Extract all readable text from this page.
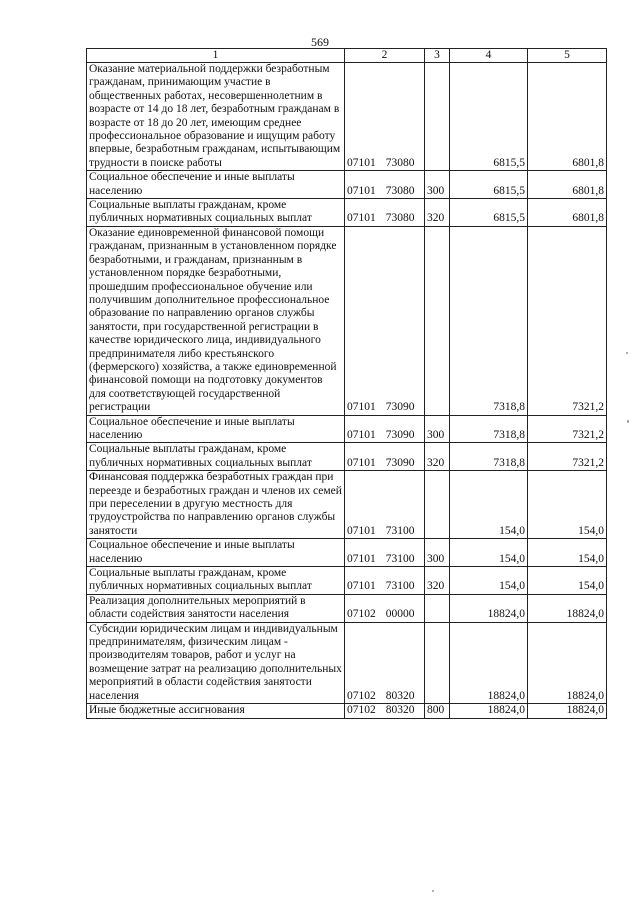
569
1	2	3	4	5
Оказание материальной поддержки безработным гражданам, принимающим участие в общественных работах, несовершеннолетним в возрасте от 14 до 18 лет, безработным гражданам в возрасте от 18 до 20 лет, имеющим среднее профессиональное образование и ищущим работу впервые, безработным гражданам, испытывающим трудности в поиске работы	07101 73080		6815,5	6801,8
Социальное обеспечение и иные выплаты населению	07101 73080	300	6815,5	6801,8
Социальные выплаты гражданам, кроме публичных нормативных социальных выплат	07101 73080	320	6815,5	6801,8
Оказание единовременной финансовой помощи гражданам, признанным в установленном порядке безработными, и гражданам, признанным в установленном порядке безработными, прошедшим профессиональное обучение или получившим дополнительное профессиональное образование по направлению органов службы занятости, при государственной регистрации в качестве юридического лица, индивидуального предпринимателя либо крестьянского (фермерского) хозяйства, а также единовременной финансовой помощи на подготовку документов для соответствующей государственной регистрации	07101 73090		7318,8	7321,2
Социальное обеспечение и иные выплаты населению	07101 73090	300	7318,8	7321,2
Социальные выплаты гражданам, кроме публичных нормативных социальных выплат	07101 73090	320	7318,8	7321,2
Финансовая поддержка безработных граждан при переезде и безработных граждан и членов их семей при переселении в другую местность для трудоустройства по направлению органов службы занятости	07101 73100		154,0	154,0
Социальное обеспечение и иные выплаты населению	07101 73100	300	154,0	154,0
Социальные выплаты гражданам, кроме публичных нормативных социальных выплат	07101 73100	320	154,0	154,0
Реализация дополнительных мероприятий в области содействия занятости населения	07102 00000		18824,0	18824,0
Субсидии юридическим лицам и индивидуальным предпринимателям, физическим лицам - производителям товаров, работ и услуг на возмещение затрат на реализацию дополнительных мероприятий в области содействия занятости населения	07102 80320		18824,0	18824,0
Иные бюджетные ассигнования	07102 80320	800	18824,0	18824,0
